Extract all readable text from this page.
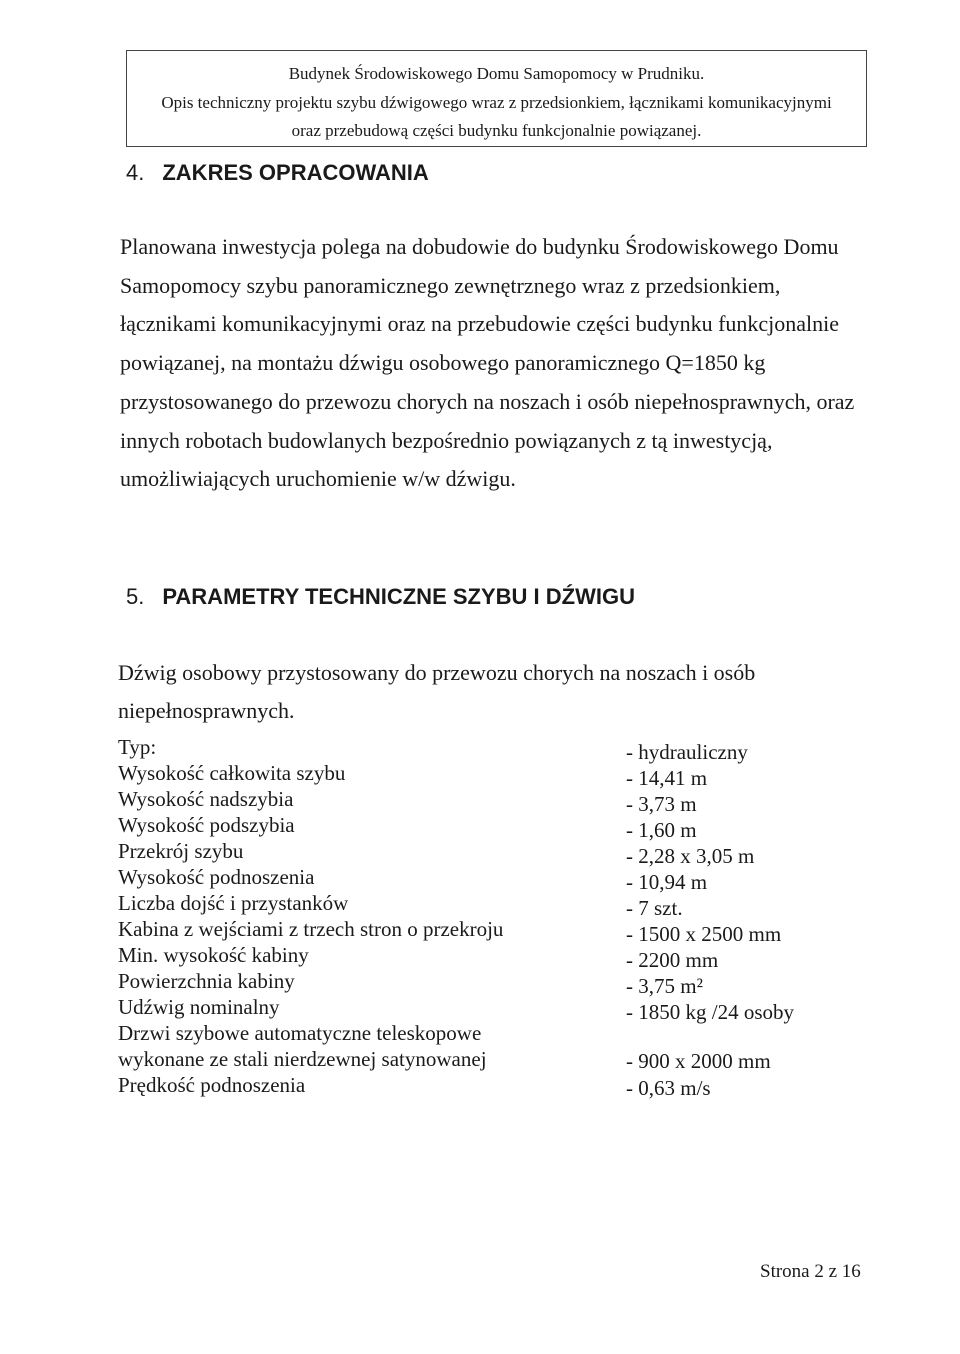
Budynek Środowiskowego Domu Samopomocy w Prudniku.
Opis techniczny projektu szybu dźwigowego wraz z przedsionkiem, łącznikami komunikacyjnymi
oraz przebudową części budynku funkcjonalnie powiązanej.
4. ZAKRES OPRACOWANIA
Planowana inwestycja polega na dobudowie do budynku Środowiskowego Domu Samopomocy szybu panoramicznego zewnętrznego wraz z przedsionkiem, łącznikami komunikacyjnymi oraz na przebudowie części budynku funkcjonalnie powiązanej, na montażu dźwigu osobowego panoramicznego Q=1850 kg przystosowanego do przewozu chorych na noszach i osób niepełnosprawnych, oraz innych robotach budowlanych bezpośrednio powiązanych z tą inwestycją, umożliwiających uruchomienie w/w dźwigu.
5. PARAMETRY TECHNICZNE SZYBU I DŹWIGU
Dźwig osobowy przystosowany do przewozu chorych na noszach i osób niepełnosprawnych.
Typ:	- hydrauliczny
Wysokość całkowita szybu	- 14,41 m
Wysokość nadszybia	- 3,73 m
Wysokość podszybia	- 1,60 m
Przekrój szybu	- 2,28 x 3,05 m
Wysokość podnoszenia	- 10,94 m
Liczba dojść i przystanków	- 7 szt.
Kabina z wejściami z trzech stron o przekroju	- 1500 x 2500 mm
Min. wysokość kabiny	- 2200 mm
Powierzchnia kabiny	- 3,75 m²
Udźwig nominalny	- 1850 kg /24 osoby
Drzwi szybowe automatyczne teleskopowe
wykonane ze stali nierdzewnej satynowanej	- 900 x 2000 mm
Prędkość podnoszenia	- 0,63 m/s
Strona 2 z 16
